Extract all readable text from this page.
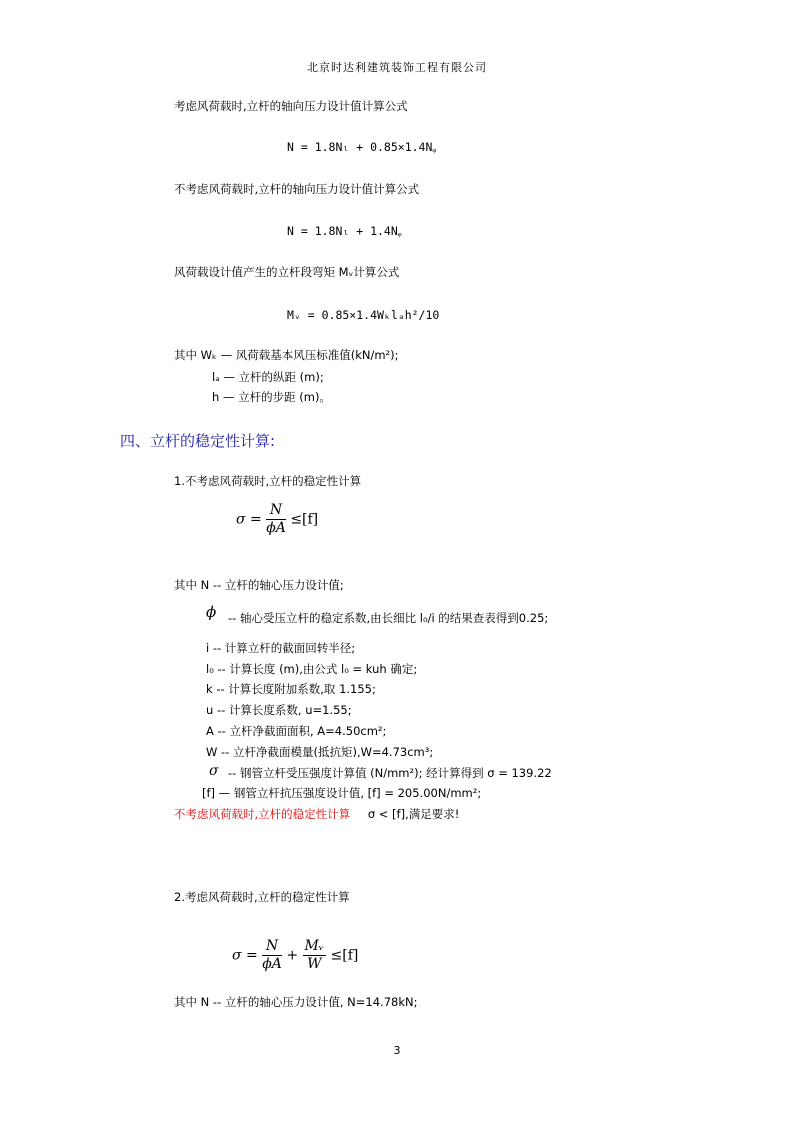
北京时达利建筑装饰工程有限公司
考虑风荷载时,立杆的轴向压力设计值计算公式
N = 1.8Nₗ + 0.85×1.4Nᵩ
不考虑风荷载时,立杆的轴向压力设计值计算公式
N = 1.8Nₗ + 1.4Nᵩ
风荷载设计值产生的立杆段弯矩 Mᵥ计算公式
Mᵥ = 0.85×1.4Wₖlₐh²/10
其中 Wₖ — 风荷载基本风压标准值(kN/m²);
lₐ — 立杆的纵距 (m);
h — 立杆的步距 (m)。
四、立杆的稳定性计算:
1.不考虑风荷载时,立杆的稳定性计算
$\sigma = \frac{N}{\phi A} \le[f]$
其中 N -- 立杆的轴心压力设计值;
ϕ -- 轴心受压立杆的稳定系数,由长细比 l₀/i 的结果查表得到0.25;
i -- 计算立杆的截面回转半径;
l₀ -- 计算长度 (m),由公式 l₀ = kuh 确定;
k -- 计算长度附加系数,取 1.155;
u -- 计算长度系数, u=1.55;
A -- 立杆净截面面积, A=4.50cm²;
W -- 立杆净截面模量(抵抗矩),W=4.73cm³;
σ -- 钢管立杆受压强度计算值 (N/mm²); 经计算得到 σ = 139.22
[f] — 钢管立杆抗压强度设计值, [f] = 205.00N/mm²;
不考虑风荷载时,立杆的稳定性计算 σ < [f],满足要求!
2.考虑风荷载时,立杆的稳定性计算
$\sigma = \frac{N}{\phi A} + \frac{\text{Mᵥ}}{W} \le[f]$
其中 N -- 立杆的轴心压力设计值, N=14.78kN;
3
